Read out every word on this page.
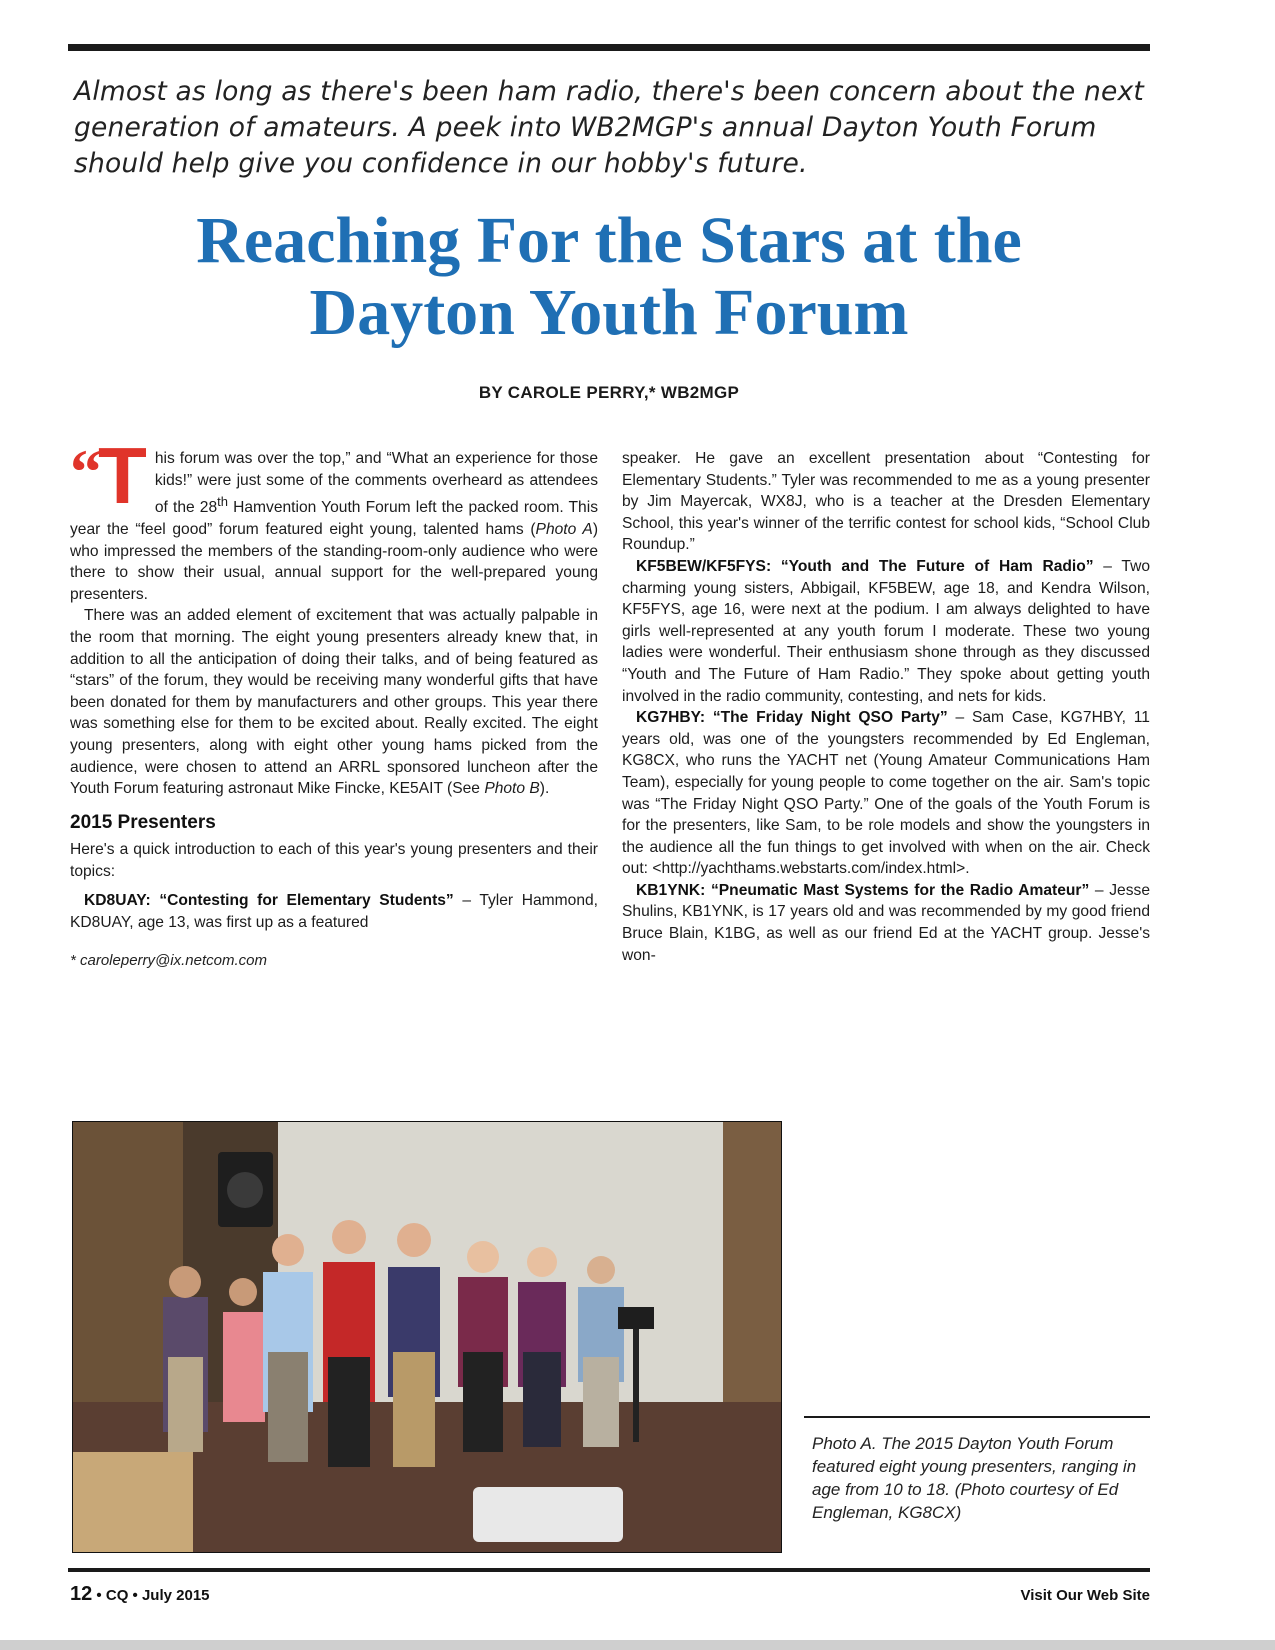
Almost as long as there's been ham radio, there's been concern about the next generation of amateurs. A peek into WB2MGP's annual Dayton Youth Forum should help give you confidence in our hobby's future.
Reaching For the Stars at the
Dayton Youth Forum
BY CAROLE PERRY,* WB2MGP

“ T his forum was over the top,” and “What an experience for those kids!” were just some of the comments overheard as attendees of the 28th Hamvention Youth Forum left the packed room. This year the “feel good” forum featured eight young, talented hams (Photo A) who impressed the members of the standing-room-only audience who were there to show their usual, annual support for the well-prepared young presenters.

There was an added element of excitement that was actually palpable in the room that morning. The eight young presenters already knew that, in addition to all the anticipation of doing their talks, and of being featured as “stars” of the forum, they would be receiving many wonderful gifts that have been donated for them by manufacturers and other groups. This year there was something else for them to be excited about. Really excited. The eight young presenters, along with eight other young hams picked from the audience, were chosen to attend an ARRL sponsored luncheon after the Youth Forum featuring astronaut Mike Fincke, KE5AIT (See Photo B).

2015 Presenters

Here's a quick introduction to each of this year's young presenters and their topics:

KD8UAY: “Contesting for Elementary Students” – Tyler Hammond, KD8UAY, age 13, was first up as a featured

* caroleperry@ix.netcom.com

speaker. He gave an excellent presentation about “Contesting for Elementary Students.” Tyler was recommended to me as a young presenter by Jim Mayercak, WX8J, who is a teacher at the Dresden Elementary School, this year's winner of the terrific contest for school kids, “School Club Roundup.”

KF5BEW/KF5FYS: “Youth and The Future of Ham Radio” – Two charming young sisters, Abbigail, KF5BEW, age 18, and Kendra Wilson, KF5FYS, age 16, were next at the podium. I am always delighted to have girls well-represented at any youth forum I moderate. These two young ladies were wonderful. Their enthusiasm shone through as they discussed “Youth and The Future of Ham Radio.” They spoke about getting youth involved in the radio community, contesting, and nets for kids.

KG7HBY: “The Friday Night QSO Party” – Sam Case, KG7HBY, 11 years old, was one of the youngsters recommended by Ed Engleman, KG8CX, who runs the YACHT net (Young Amateur Communications Ham Team), especially for young people to come together on the air. Sam's topic was “The Friday Night QSO Party.” One of the goals of the Youth Forum is for the presenters, like Sam, to be role models and show the youngsters in the audience all the fun things to get involved with when on the air. Check out: <http://yachthams.webstarts.com/index.html>.

KB1YNK: “Pneumatic Mast Systems for the Radio Amateur” – Jesse Shulins, KB1YNK, is 17 years old and was recommended by my good friend Bruce Blain, K1BG, as well as our friend Ed at the YACHT group. Jesse's won-

Photo A. The 2015 Dayton Youth Forum featured eight young presenters, ranging in age from 10 to 18. (Photo courtesy of Ed Engleman, KG8CX)
12 • CQ • July 2015	Visit Our Web Site
